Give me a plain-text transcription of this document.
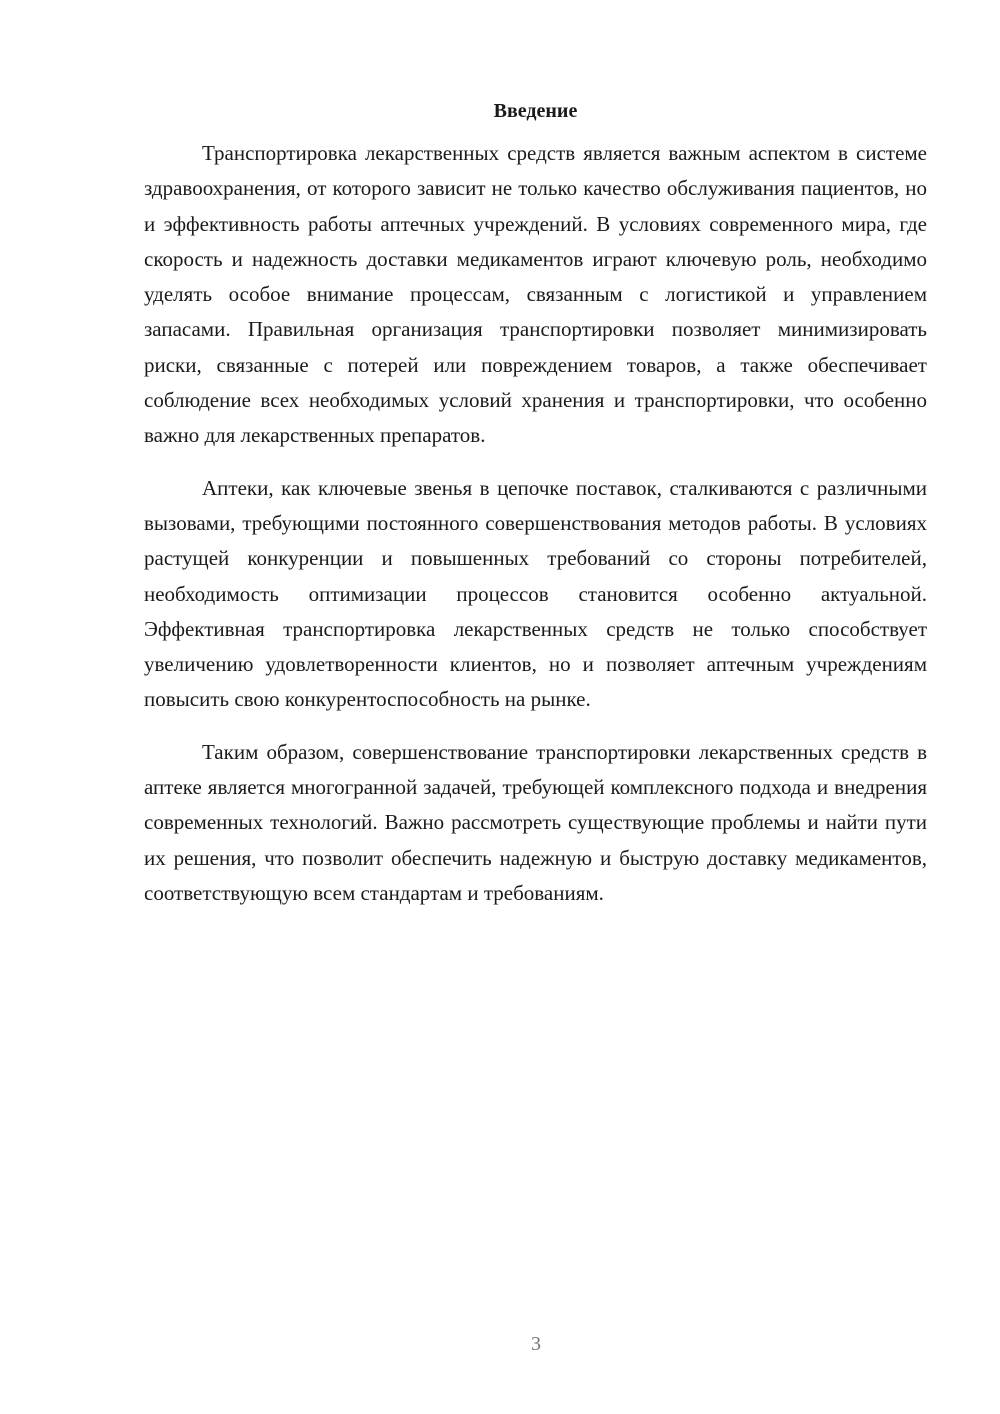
Введение

Транспортировка лекарственных средств является важным аспектом в системе здравоохранения, от которого зависит не только качество обслуживания пациентов, но и эффективность работы аптечных учреждений. В условиях современного мира, где скорость и надежность доставки медикаментов играют ключевую роль, необходимо уделять особое внимание процессам, связанным с логистикой и управлением запасами. Правильная организация транспортировки позволяет минимизировать риски, связанные с потерей или повреждением товаров, а также обеспечивает соблюдение всех необходимых условий хранения и транспортировки, что особенно важно для лекарственных препаратов.

Аптеки, как ключевые звенья в цепочке поставок, сталкиваются с различными вызовами, требующими постоянного совершенствования методов работы. В условиях растущей конкуренции и повышенных требований со стороны потребителей, необходимость оптимизации процессов становится особенно актуальной. Эффективная транспортировка лекарственных средств не только способствует увеличению удовлетворенности клиентов, но и позволяет аптечным учреждениям повысить свою конкурентоспособность на рынке.

Таким образом, совершенствование транспортировки лекарственных средств в аптеке является многогранной задачей, требующей комплексного подхода и внедрения современных технологий. Важно рассмотреть существующие проблемы и найти пути их решения, что позволит обеспечить надежную и быструю доставку медикаментов, соответствующую всем стандартам и требованиям.

3
